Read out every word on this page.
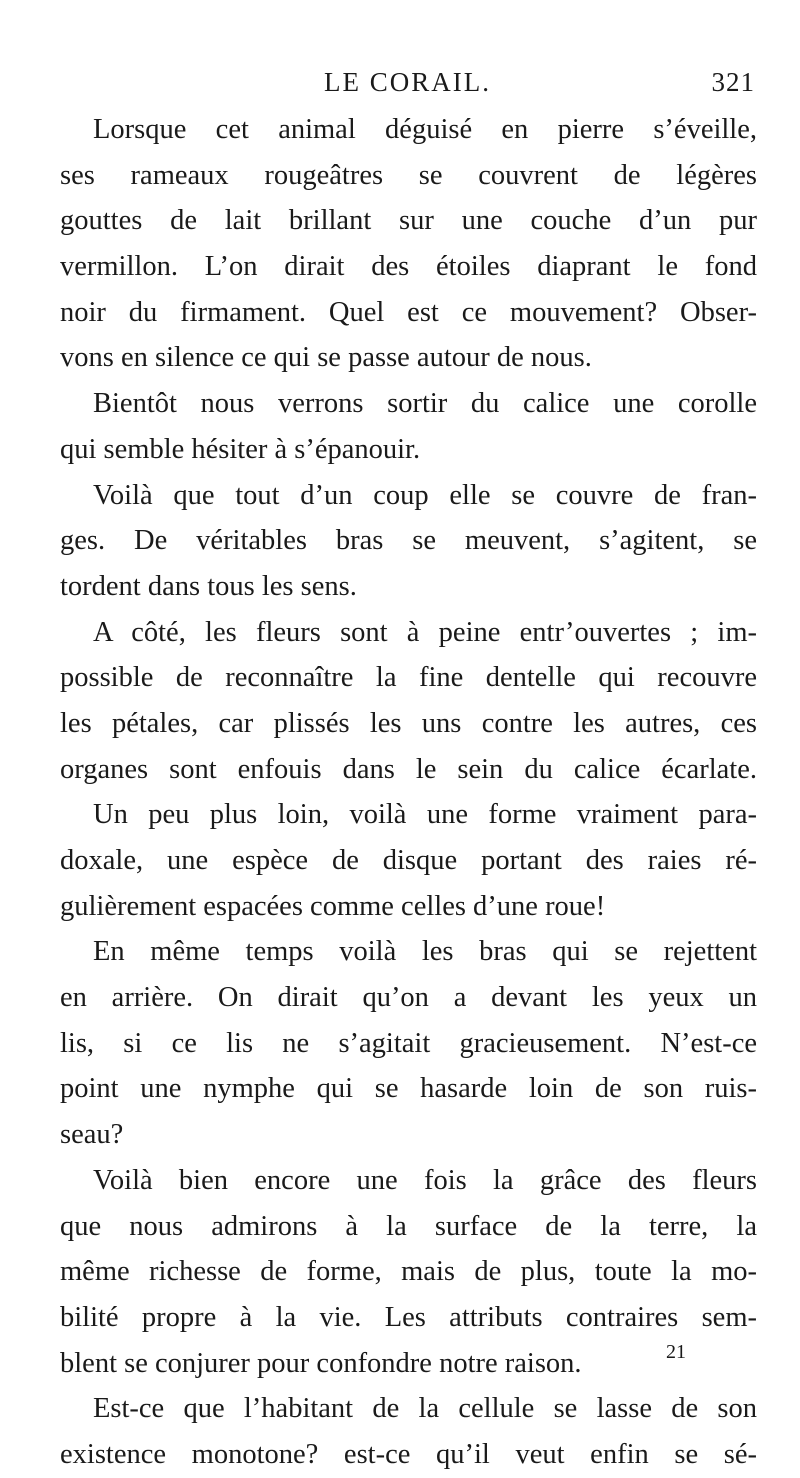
LE CORAIL.	321
Lorsque cet animal déguisé en pierre s’éveille,
ses rameaux rougeâtres se couvrent de légères
gouttes de lait brillant sur une couche d’un pur
vermillon. L’on dirait des étoiles diaprant le fond
noir du firmament. Quel est ce mouvement? Obser-
vons en silence ce qui se passe autour de nous.
Bientôt nous verrons sortir du calice une corolle
qui semble hésiter à s’épanouir.
Voilà que tout d’un coup elle se couvre de fran-
ges. De véritables bras se meuvent, s’agitent, se
tordent dans tous les sens.
A côté, les fleurs sont à peine entr’ouvertes ; im-
possible de reconnaître la fine dentelle qui recouvre
les pétales, car plissés les uns contre les autres, ces
organes sont enfouis dans le sein du calice écarlate.
Un peu plus loin, voilà une forme vraiment para-
doxale, une espèce de disque portant des raies ré-
gulièrement espacées comme celles d’une roue!
En même temps voilà les bras qui se rejettent
en arrière. On dirait qu’on a devant les yeux un
lis, si ce lis ne s’agitait gracieusement. N’est-ce
point une nymphe qui se hasarde loin de son ruis-
seau?
Voilà bien encore une fois la grâce des fleurs
que nous admirons à la surface de la terre, la
même richesse de forme, mais de plus, toute la mo-
bilité propre à la vie. Les attributs contraires sem-
blent se conjurer pour confondre notre raison.
Est-ce que l’habitant de la cellule se lasse de son
existence monotone? est-ce qu’il veut enfin se sé-
21
